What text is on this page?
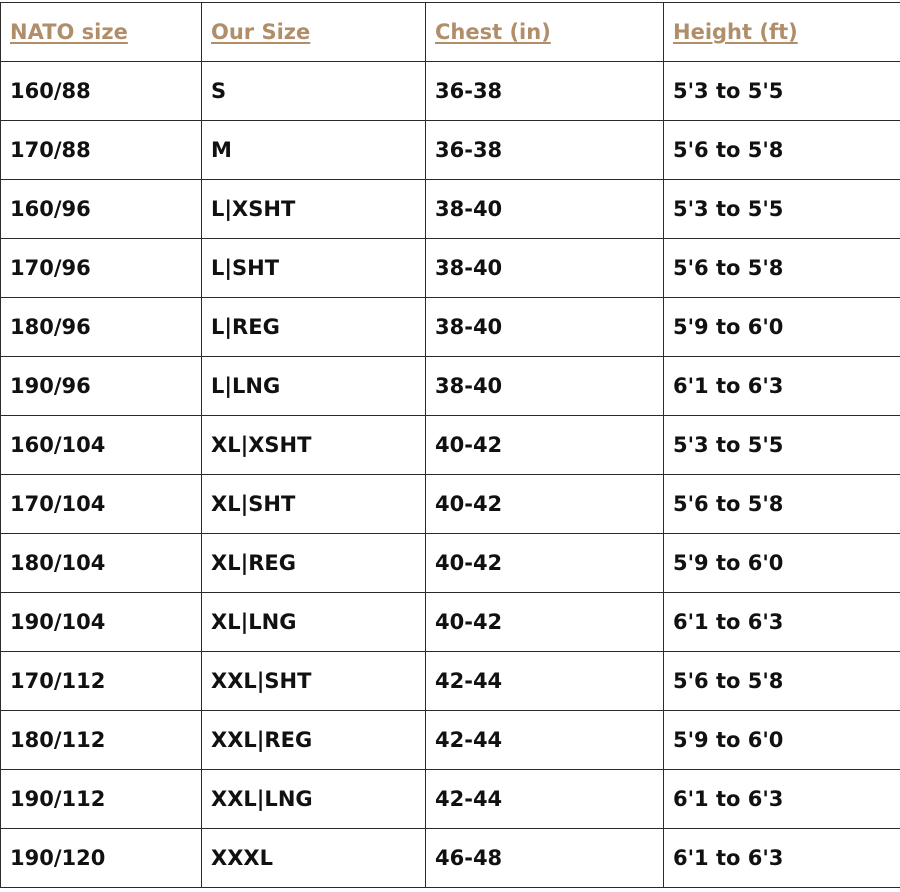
NATO size	Our Size	Chest (in)	Height (ft)
160/88	S	36-38	5'3 to 5'5
170/88	M	36-38	5'6 to 5'8
160/96	L|XSHT	38-40	5'3 to 5'5
170/96	L|SHT	38-40	5'6 to 5'8
180/96	L|REG	38-40	5'9 to 6'0
190/96	L|LNG	38-40	6'1 to 6'3
160/104	XL|XSHT	40-42	5'3 to 5'5
170/104	XL|SHT	40-42	5'6 to 5'8
180/104	XL|REG	40-42	5'9 to 6'0
190/104	XL|LNG	40-42	6'1 to 6'3
170/112	XXL|SHT	42-44	5'6 to 5'8
180/112	XXL|REG	42-44	5'9 to 6'0
190/112	XXL|LNG	42-44	6'1 to 6'3
190/120	XXXL	46-48	6'1 to 6'3
